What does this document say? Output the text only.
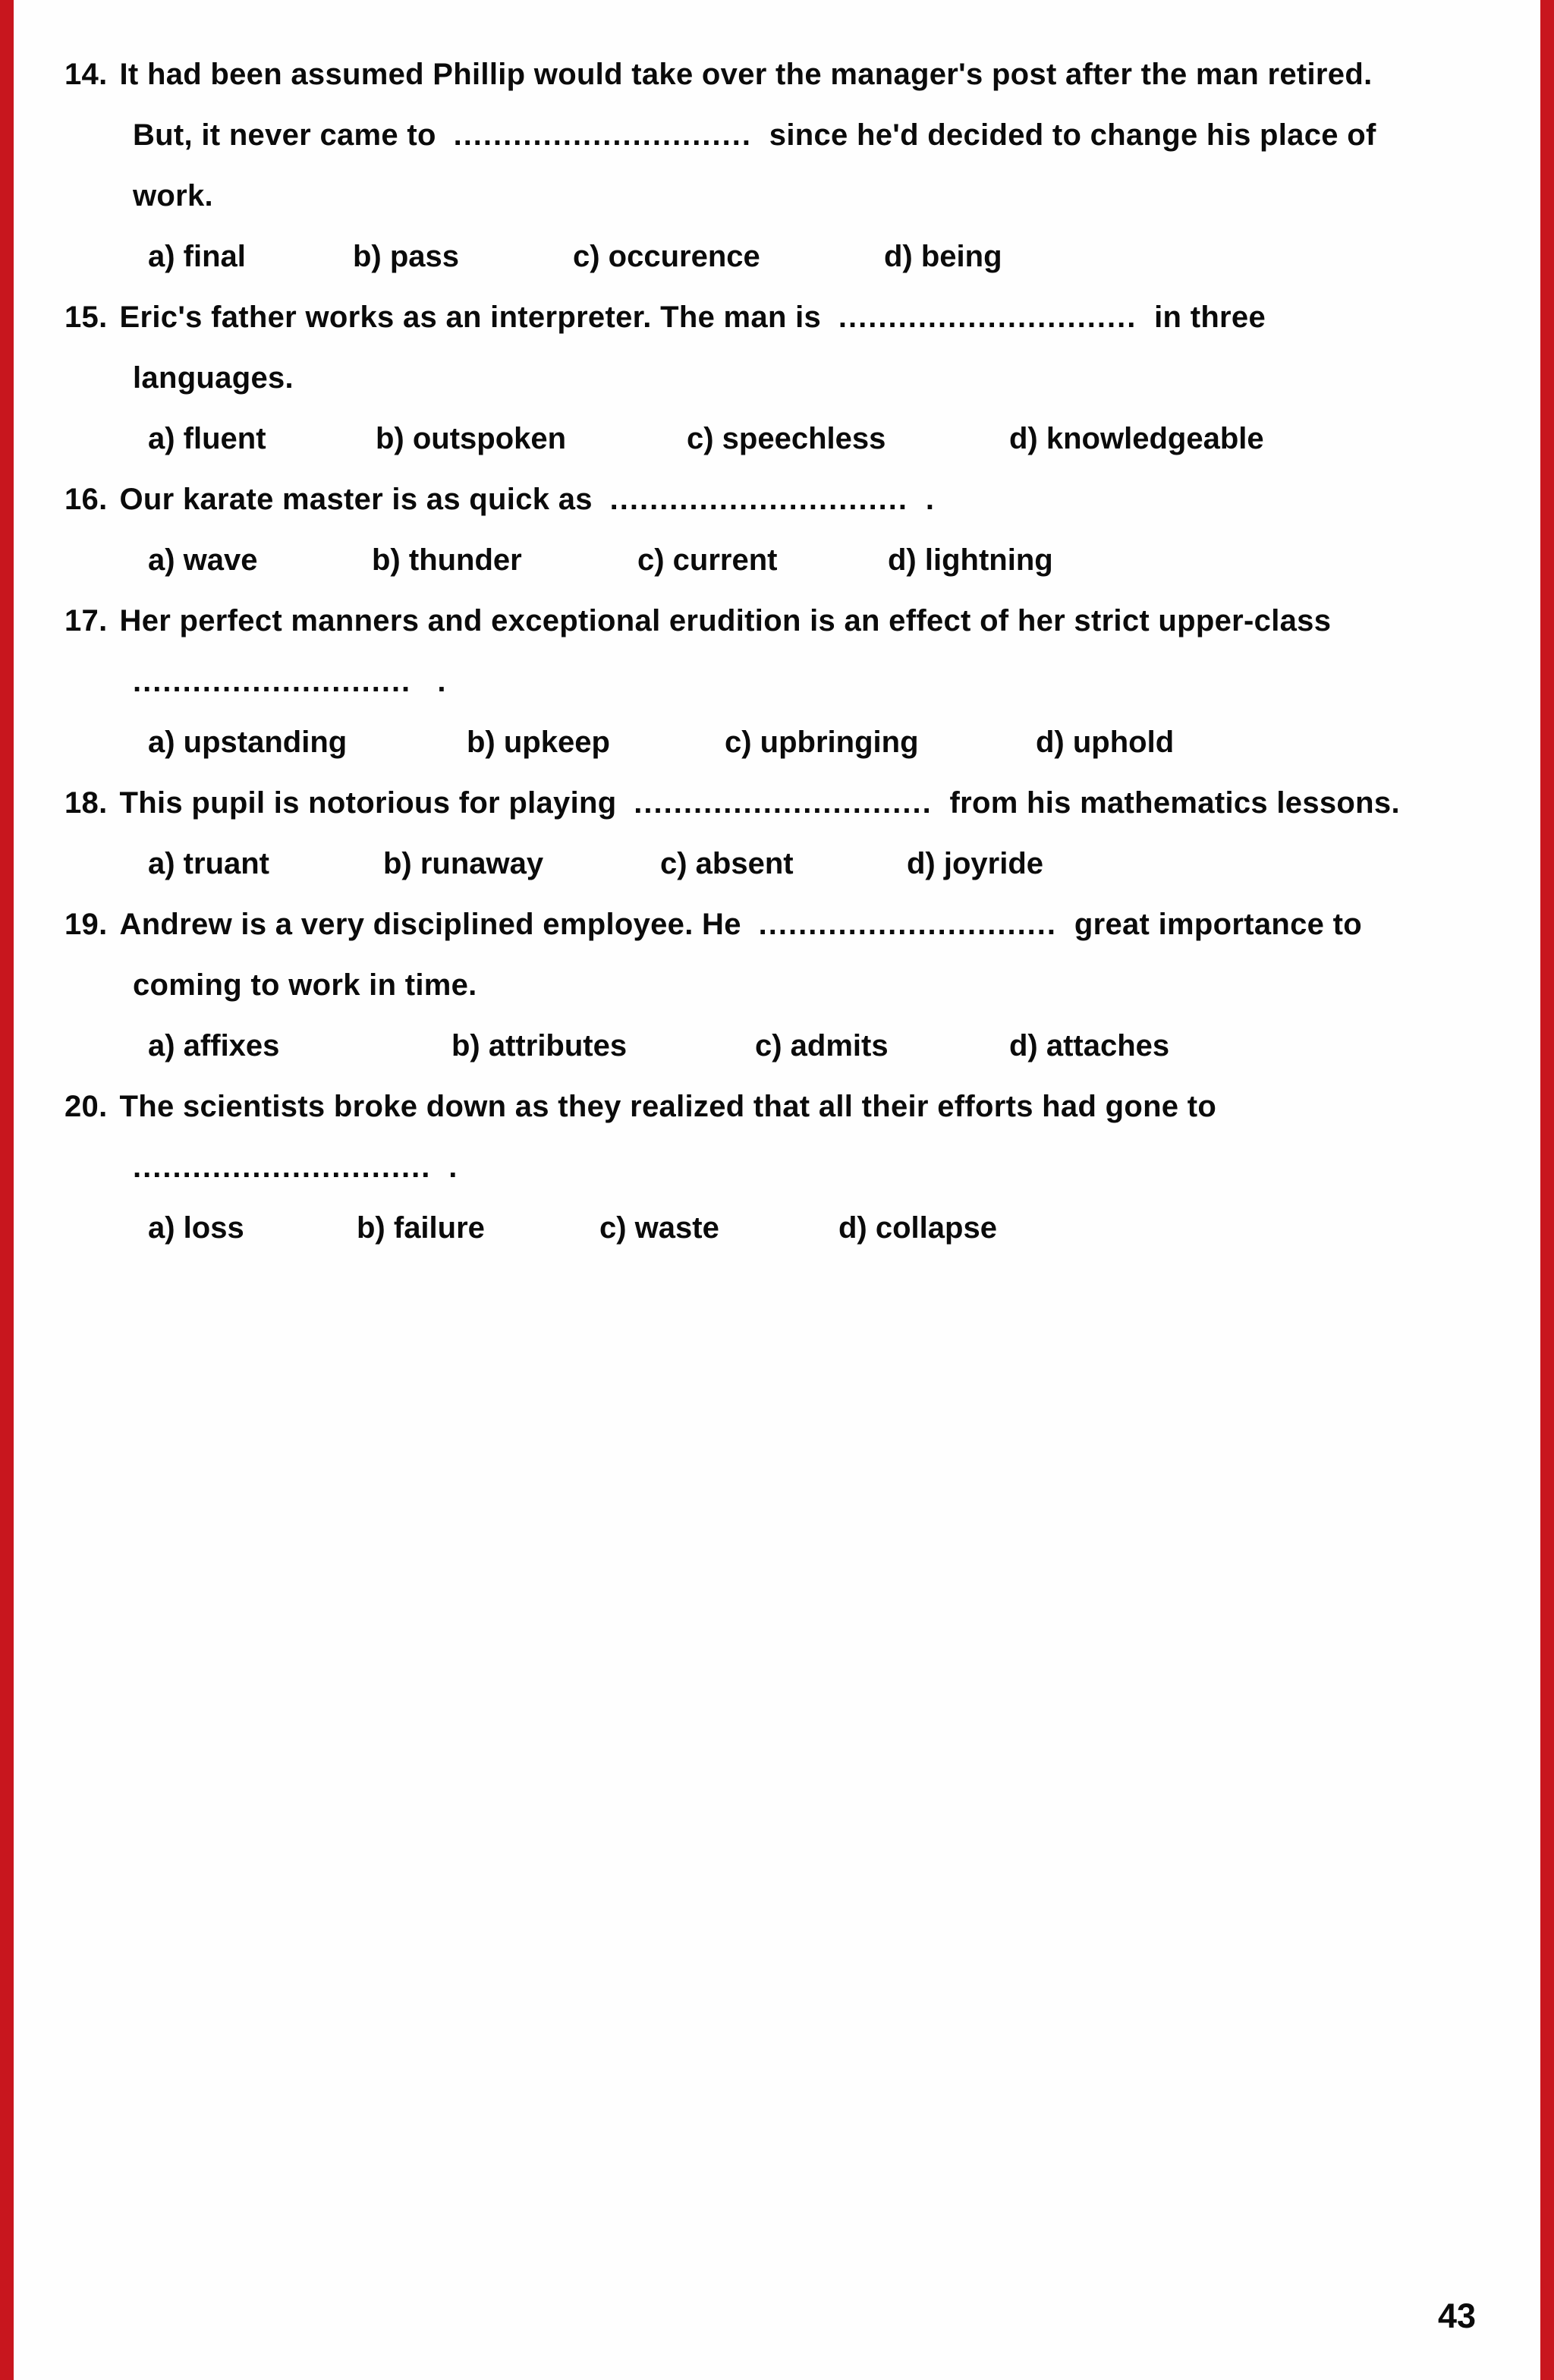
14. It had been assumed Phillip would take over the manager's post after the man retired.
But, it never came to  ..............................  since he'd decided to change his place of
work.
a) final	b) pass	c) occurence	d) being
15. Eric's father works as an interpreter. The man is  ..............................  in three
languages.
a) fluent	b) outspoken	c) speechless	d) knowledgeable
16. Our karate master is as quick as  ..............................  .
a) wave	b) thunder	c) current	d) lightning
17. Her perfect manners and exceptional erudition is an effect of her strict upper-class
............................   .
a) upstanding	b) upkeep	c) upbringing	d) uphold
18. This pupil is notorious for playing  ..............................  from his mathematics lessons.
a) truant	b) runaway	c) absent	d) joyride
19. Andrew is a very disciplined employee. He  ..............................  great importance to
coming to work in time.
a) affixes	b) attributes	c) admits	d) attaches
20. The scientists broke down as they realized that all their efforts had gone to
..............................  .
a) loss	b) failure	c) waste	d) collapse
43
